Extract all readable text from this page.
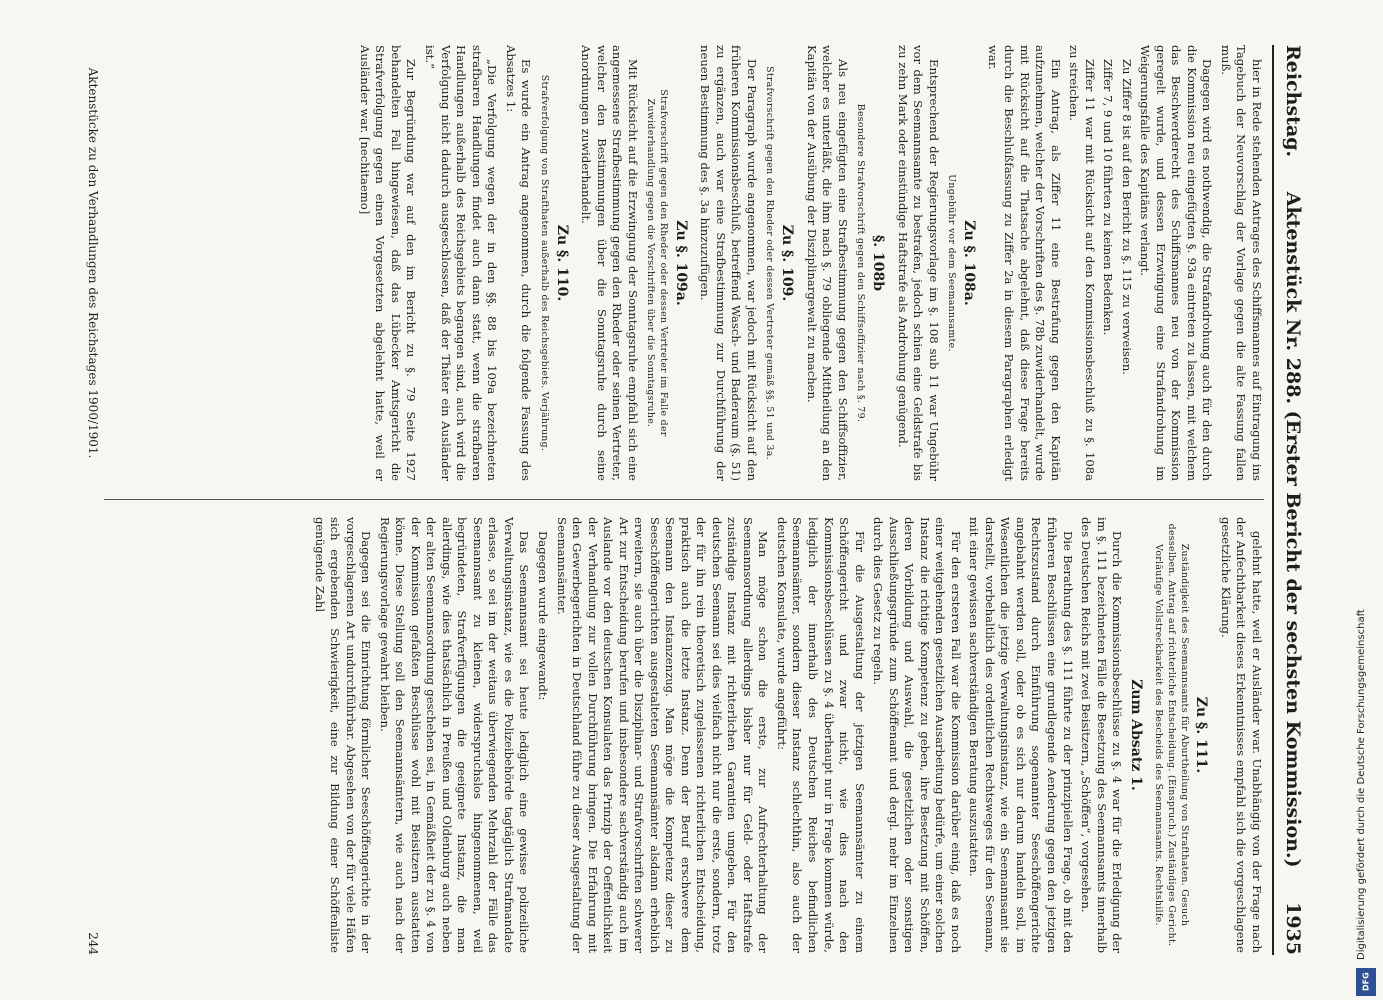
Reichstag.
Aktenstück Nr. 288. (Erster Bericht der sechsten Kommission.)
1935

hier in Rede stehenden Antrages des Schiffsmannes auf Eintragung ins Tagebuch der Neuvorschlag der Vorlage gegen die alte Fassung fallen muß.

Dagegen wird es nothwendig, die Strafandrohung auch für den durch die Kommission neu eingefügten §. 93a eintreten zu lassen, mit welchem das Beschwerderecht des Schiffsmannes neu von der Kommission geregelt wurde, und dessen Erzwingung eine Strafandrohung im Weigerungsfalle des Kapitäns verlangt.

Zu Ziffer 8 ist auf den Bericht zu §. 115 zu verweisen.

Ziffer 7, 9 und 10 führten zu keinen Bedenken.

Ziffer 11 war mit Rücksicht auf den Kommissionsbeschluß zu §. 108a zu streichen.

Ein Antrag, als Ziffer 11 eine Bestrafung gegen den Kapitän aufzunehmen, welcher der Vorschriften des §. 78b zuwiderhandelt, wurde mit Rücksicht auf die Thatsache abgelehnt, daß diese Frage bereits durch die Beschlußfassung zu Ziffer 2a in diesem Paragraphen erledigt war.

Zu §. 108a.
Ungebühr vor dem Seemannsamte.

Entsprechend der Regierungsvorlage im §. 108 sub 11 war Ungebühr vor dem Seemannsamte zu bestrafen, jedoch schien eine Geldstrafe bis zu zehn Mark oder einstündige Haftstrafe als Androhung genügend.

§. 108b
Besondere Strafvorschrift gegen den Schiffsoffizier nach §. 79.

Als neu eingefügten eine Strafbestimmung gegen den Schiffsoffizier, welcher es unterläßt, die ihm nach §. 79 obliegende Mittheilung an den Kapitän von der Ausübung der Disziplinargewalt zu machen.

Zu §. 109.
Strafvorschrift gegen den Rheder oder dessen Vertreter gemäß §§. 51 und 3a.

Der Paragraph wurde angenommen, war jedoch mit Rücksicht auf den früheren Kommissionsbeschluß, betreffend Wasch- und Baderaum (§. 51) zu ergänzen, auch war eine Strafbestimmung zur Durchführung der neuen Bestimmung des §. 3a hinzuzufügen.

Zu §. 109a.
Strafvorschrift gegen den Rheder oder dessen Vertreter im Falle der Zuwiderhandlung gegen die Vorschriften über die Sonntagsruhe.

Mit Rücksicht auf die Erzwingung der Sonntagsruhe empfahl sich eine angemessene Strafbestimmung gegen den Rheder oder seinen Vertreter, welcher den Bestimmungen über die Sonntagsruhe durch seine Anordnungen zuwiderhandelt.

Zu §. 110.
Strafverfolgung von Strafthaten außerhalb des Reichsgebiets. Verjährung.

Es wurde ein Antrag angenommen, durch die folgende Fassung des Absatzes 1:

„Die Verfolgung wegen der in den §§. 88 bis 109a bezeichneten strafbaren Handlungen findet auch dann statt, wenn die strafbaren Handlungen außerhalb des Reichsgebiets begangen sind, auch wird die Verfolgung nicht dadurch ausgeschlossen, daß der Thäter ein Ausländer ist.“

Zur Begründung war auf den im Bericht zu §. 79 Seite 1927 behandelten Fall hingewiesen, daß das Lübecker Amtsgericht die Strafverfolgung gegen einen Vorgesetzten abgelehnt hatte, weil er Ausländer war. [nechitaemo]

gelehnt hatte, weil er Ausländer war. Unabhängig von der Frage nach der Anfechtbarkeit dieses Erkenntnisses empfahl sich die vorgeschlagene gesetzliche Klärung.

Zu §. 111.
Zuständigkeit des Seemannsamts für Aburtheilung von Strafthaten. Gesuch desselben. Antrag auf richterliche Entscheidung. (Einspruch.) Zuständiges Gericht. Vorläufige Vollstreckbarkeit des Bescheids des Seemannsamts. Rechtshilfe.
Zum Absatz 1.

Durch die Kommissionsbeschlüsse zu §. 4 war für die Erledigung der im §. 111 bezeichneten Fälle die Besetzung des Seemannsamts innerhalb des Deutschen Reichs mit zwei Beisitzern, „Schöffen“, vorgesehen.

Die Berathung des §. 111 führte zu der prinzipiellen Frage, ob mit den früheren Beschlüssen eine grundlegende Aenderung gegen den jetzigen Rechtszustand durch Einführung sogenannter Seeschöffengerichte angebahnt werden soll, oder ob es sich nur darum handeln soll, im Wesentlichen die jetzige Verwaltungsinstanz, wie ein Seemannsamt sie darstellt, vorbehaltlich des ordentlichen Rechtsweges für den Seemann, mit einer gewissen sachverständigen Beratung auszustatten.

Für den ersteren Fall war die Kommission darüber einig, daß es noch einer weitgehenden gesetzlichen Ausarbeitung bedürfe, um einer solchen Instanz die richtige Kompetenz zu geben, ihre Besetzung mit Schöffen, deren Vorbildung und Auswahl, die gesetzlichen oder sonstigen Ausschließungsgründe zum Schöffenamt und dergl. mehr im Einzelnen durch dies Gesetz zu regeln.

Für die Ausgestaltung der jetzigen Seemannsämter zu einem Schöffengericht und zwar nicht, wie dies nach den Kommissionsbeschlüssen zu §. 4 überhaupt nur in Frage kommen würde, lediglich der innerhalb des Deutschen Reiches befindlichen Seemannsämter, sondern dieser Instanz schlechthin, also auch der deutschen Konsulate, wurde angeführt:

Man möge schon die erste, zur Aufrechterhaltung der Seemannsordnung allerdings bisher nur für Geld- oder Haftstrafe zuständige Instanz mit richterlichen Garantien umgeben. Für den deutschen Seemann sei dies vielfach nicht nur die erste, sondern, trotz der für ihn rein theoretisch zugelassenen richterlichen Entscheidung, praktisch auch die letzte Instanz. Denn der Beruf erschwere dem Seemann den Instanzenzug. Man möge die Kompetenz dieser zu Seeschöffengerichten ausgestalteten Seemannsämter alsdann erheblich erweitern, sie auch über die Disziplinar- und Strafvorschriften schwerer Art zur Entscheidung berufen und insbesondere sachverständig auch im Auslande vor den deutschen Konsulaten das Prinzip der Oeffentlichkeit der Verhandlung zur vollen Durchführung bringen. Die Erfahrung mit den Gewerbegerichten in Deutschland führe zu dieser Ausgestaltung der Seemannsämter.

Dagegen wurde eingewandt:

Das Seemannsamt sei heute lediglich eine gewisse polizeiliche Verwaltungsinstanz, wie es die Polizeibehörde tagtäglich Strafmandate erlasse, so sei im der weitaus überwiegenden Mehrzahl der Fälle das Seemannsamt zu kleinen, widerspruchslos hingenommenen, weil begründeten, Strafverfügungen die geeignete Instanz, die man allerdings, wie dies thatsächlich in Preußen und Oldenburg auch neben der alten Seemannsordnung geschehen sei, in Gemäßheit der zu §. 4 von der Kommission gefaßten Beschlüsse wohl mit Beisitzern ausstatten könne. Diese Stellung soll den Seemannsämtern, wie auch nach der Regierungsvorlage gewahrt bleiben.

Dagegen sei die Einrichtung förmlicher Seeschöffengerichte in der vorgeschlagenen Art undurchführbar. Abgesehen von der für viele Häfen sich ergebenden Schwierigkeit, eine zur Bildung einer Schöffenliste genügende Zahl

Aktenstücke zu den Verhandlungen des Reichstages 1900/1901.
244	Digitalisierung gefördert durch die Deutsche Forschungsgemeinschaft
DFG
